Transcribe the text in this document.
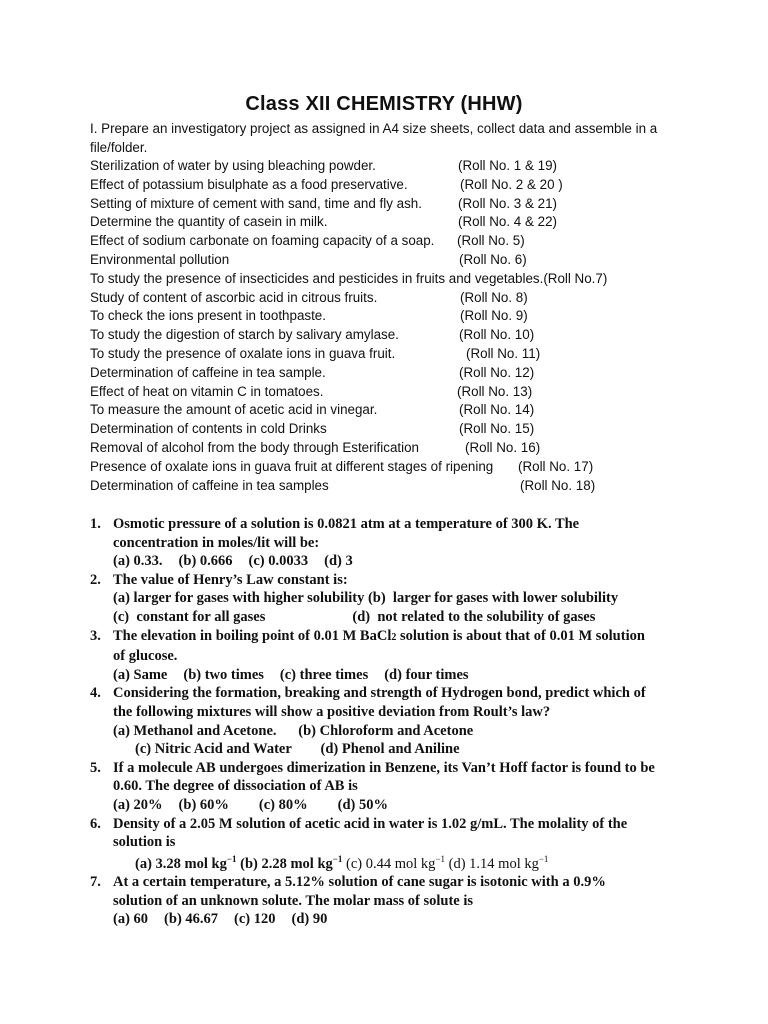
Class XII CHEMISTRY (HHW)
I. Prepare an investigatory project as assigned in A4 size sheets, collect data and assemble in a file/folder.
Sterilization of water by using bleaching powder.	(Roll No. 1 & 19)
Effect of potassium bisulphate as a food preservative.	(Roll No. 2 & 20 )
Setting of mixture of cement with sand, time and fly ash.	(Roll No. 3 & 21)
Determine the quantity of casein in milk.	(Roll No. 4 & 22)
Effect of sodium carbonate on foaming capacity of a soap. (Roll No. 5)
Environmental pollution	(Roll No. 6)
To study the presence of insecticides and pesticides in fruits and vegetables.(Roll No.7)
Study of content of ascorbic acid in citrous fruits.	(Roll No. 8)
To check the ions present in toothpaste.	(Roll No. 9)
To study the digestion of starch by salivary amylase.	(Roll No. 10)
To study the presence of oxalate ions in guava fruit.	(Roll No. 11)
Determination of caffeine in tea sample.	(Roll No. 12)
Effect of heat on vitamin C in tomatoes.	(Roll No. 13)
To measure the amount of acetic acid in vinegar.	(Roll No. 14)
Determination of contents in cold Drinks	(Roll No. 15)
Removal of alcohol from the body through Esterification	(Roll No. 16)
Presence of oxalate ions in guava fruit at different stages of ripening (Roll No. 17)
Determination of caffeine in tea samples	(Roll No. 18)
1. Osmotic pressure of a solution is 0.0821 atm at a temperature of 300 K. The
concentration in moles/lit will be:
(a) 0.33. (b) 0.666 (c) 0.0033 (d) 3
2. The value of Henry’s Law constant is:
(a) larger for gases with higher solubility (b)  larger for gases with lower solubility
(c)  constant for all gases                        (d)  not related to the solubility of gases
3. The elevation in boiling point of 0.01 M BaCl2 solution is about that of 0.01 M solution
of glucose.
(a) Same (b) two times (c) three times (d) four times
4. Considering the formation, breaking and strength of Hydrogen bond, predict which of
the following mixtures will show a positive deviation from Roult’s law?
(a) Methanol and Acetone.      (b) Chloroform and Acetone
(c) Nitric Acid and Water        (d) Phenol and Aniline
5. If a molecule AB undergoes dimerization in Benzene, its Van’t Hoff factor is found to be
0.60. The degree of dissociation of AB is
(a) 20% (b) 60% (c) 80% (d) 50%
6. Density of a 2.05 M solution of acetic acid in water is 1.02 g/mL. The molality of the
solution is
(a) 3.28 mol $kg^{-1}$ (b) 2.28 mol $kg^{-1}$ (c) 0.44 mol $kg^{-1}$ (d) 1.14 mol $kg^{-1}$
7. At a certain temperature, a 5.12% solution of cane sugar is isotonic with a 0.9%
solution of an unknown solute. The molar mass of solute is
(a) 60 (b) 46.67 (c) 120 (d) 90
